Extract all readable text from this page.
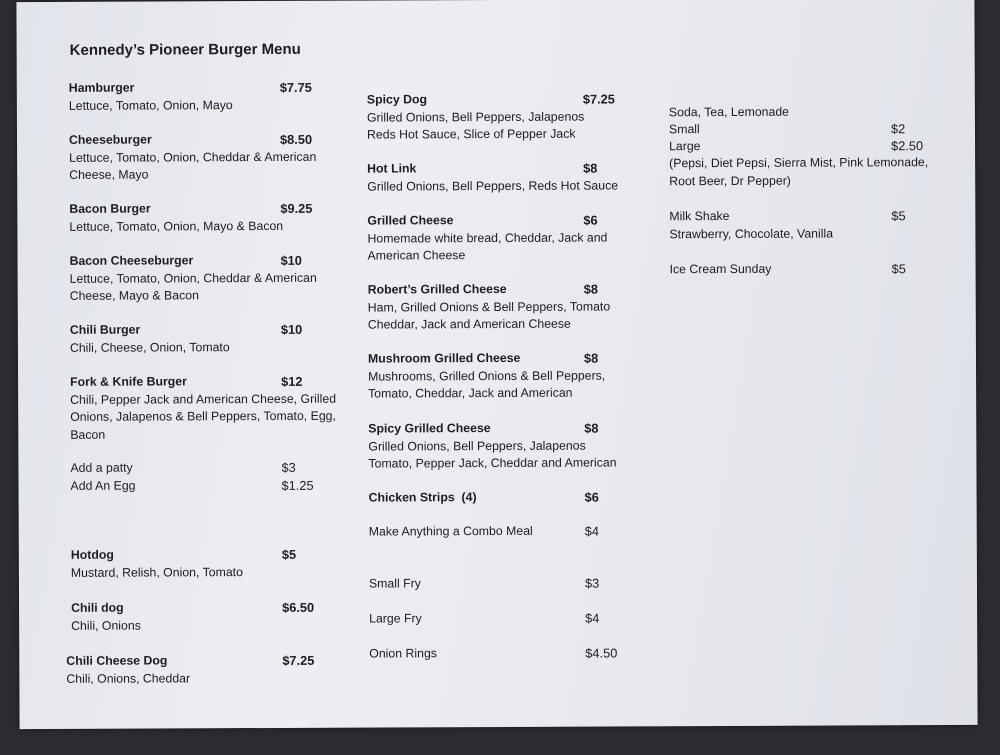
Kennedy’s Pioneer Burger Menu
Hamburger	$7.75
Lettuce, Tomato, Onion, Mayo
Cheeseburger	$8.50
Lettuce, Tomato, Onion, Cheddar & American
Cheese, Mayo
Bacon Burger	$9.25
Lettuce, Tomato, Onion, Mayo & Bacon
Bacon Cheeseburger	$10
Lettuce, Tomato, Onion, Cheddar & American
Cheese, Mayo & Bacon
Chili Burger	$10
Chili, Cheese, Onion, Tomato
Fork & Knife Burger	$12
Chili, Pepper Jack and American Cheese, Grilled
Onions, Jalapenos & Bell Peppers, Tomato, Egg,
Bacon
Add a patty	$3
Add An Egg	$1.25
Hotdog	$5
Mustard, Relish, Onion, Tomato
Chili dog	$6.50
Chili, Onions
Chili Cheese Dog	$7.25
Chili, Onions, Cheddar
Spicy Dog	$7.25
Grilled Onions, Bell Peppers, Jalapenos
Reds Hot Sauce, Slice of Pepper Jack
Hot Link	$8
Grilled Onions, Bell Peppers, Reds Hot Sauce
Grilled Cheese	$6
Homemade white bread, Cheddar, Jack and
American Cheese
Robert’s Grilled Cheese	$8
Ham, Grilled Onions & Bell Peppers, Tomato
Cheddar, Jack and American Cheese
Mushroom Grilled Cheese	$8
Mushrooms, Grilled Onions & Bell Peppers,
Tomato, Cheddar, Jack and American
Spicy Grilled Cheese	$8
Grilled Onions, Bell Peppers, Jalapenos
Tomato, Pepper Jack, Cheddar and American
Chicken Strips  (4)	$6
Make Anything a Combo Meal	$4
Small Fry	$3
Large Fry	$4
Onion Rings	$4.50
Soda, Tea, Lemonade
Small	$2
Large	$2.50
(Pepsi, Diet Pepsi, Sierra Mist, Pink Lemonade,
Root Beer, Dr Pepper)
Milk Shake	$5
Strawberry, Chocolate, Vanilla
Ice Cream Sunday	$5
